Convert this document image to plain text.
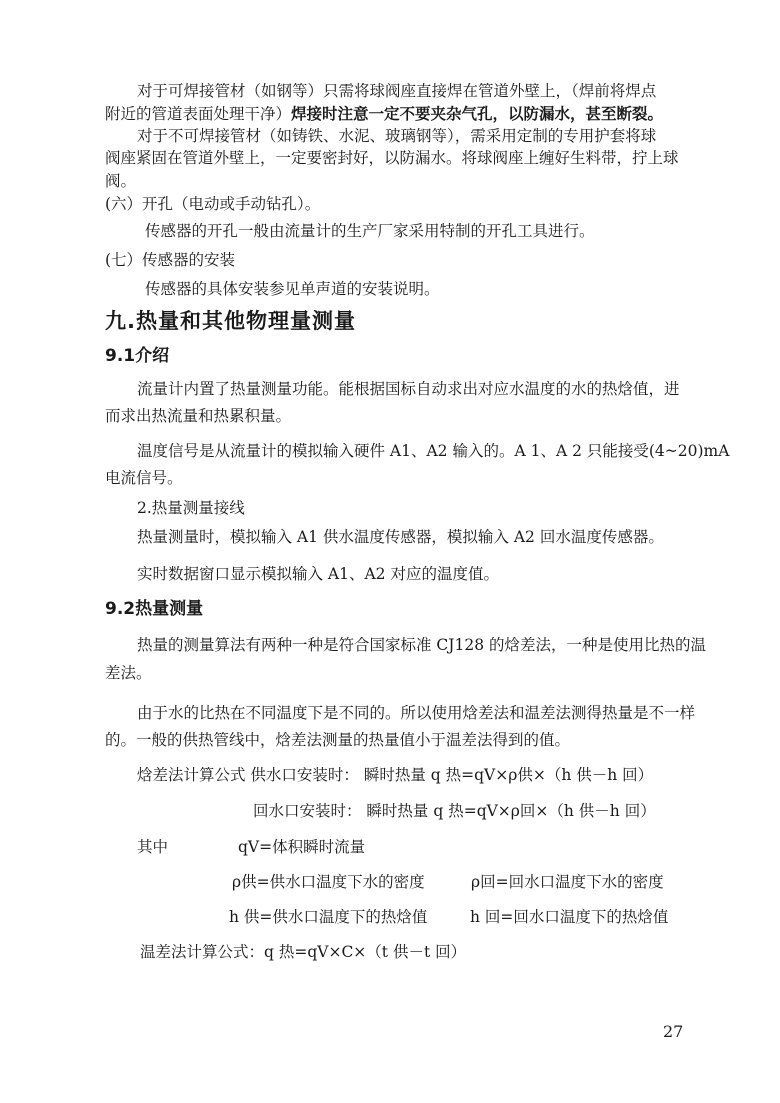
对于可焊接管材（如钢等）只需将球阀座直接焊在管道外壁上，（焊前将焊点
附近的管道表面处理干净）焊接时注意一定不要夹杂气孔，以防漏水，甚至断裂。
对于不可焊接管材（如铸铁、水泥、玻璃钢等），需采用定制的专用护套将球
阀座紧固在管道外壁上，一定要密封好，以防漏水。将球阀座上缠好生料带，拧上球
阀。
(六）开孔（电动或手动钻孔）。
传感器的开孔一般由流量计的生产厂家采用特制的开孔工具进行。
(七）传感器的安装
传感器的具体安装参见单声道的安装说明。
九.热量和其他物理量测量
9.1介绍
流量计内置了热量测量功能。能根据国标自动求出对应水温度的水的热焓值，进
而求出热流量和热累积量。
温度信号是从流量计的模拟输入硬件 A1、A2 输入的。A 1、A 2 只能接受(4~20)mA
电流信号。
2.热量测量接线
热量测量时，模拟输入 A1 供水温度传感器，模拟输入 A2 回水温度传感器。
实时数据窗口显示模拟输入 A1、A2 对应的温度值。
9.2热量测量
热量的测量算法有两种一种是符合国家标准 CJ128 的焓差法，一种是使用比热的温
差法。
由于水的比热在不同温度下是不同的。所以使用焓差法和温差法测得热量是不一样
的。一般的供热管线中，焓差法测量的热量值小于温差法得到的值。
焓差法计算公式 供水口安装时： 瞬时热量 q 热=qV×ρ供×（h 供－h 回）
回水口安装时： 瞬时热量 q 热=qV×ρ回×（h 供－h 回）
其中	qV=体积瞬时流量
ρ供=供水口温度下水的密度	ρ回=回水口温度下水的密度
h 供=供水口温度下的热焓值	h 回=回水口温度下的热焓值
温差法计算公式：q 热=qV×C×（t 供－t 回）
27
